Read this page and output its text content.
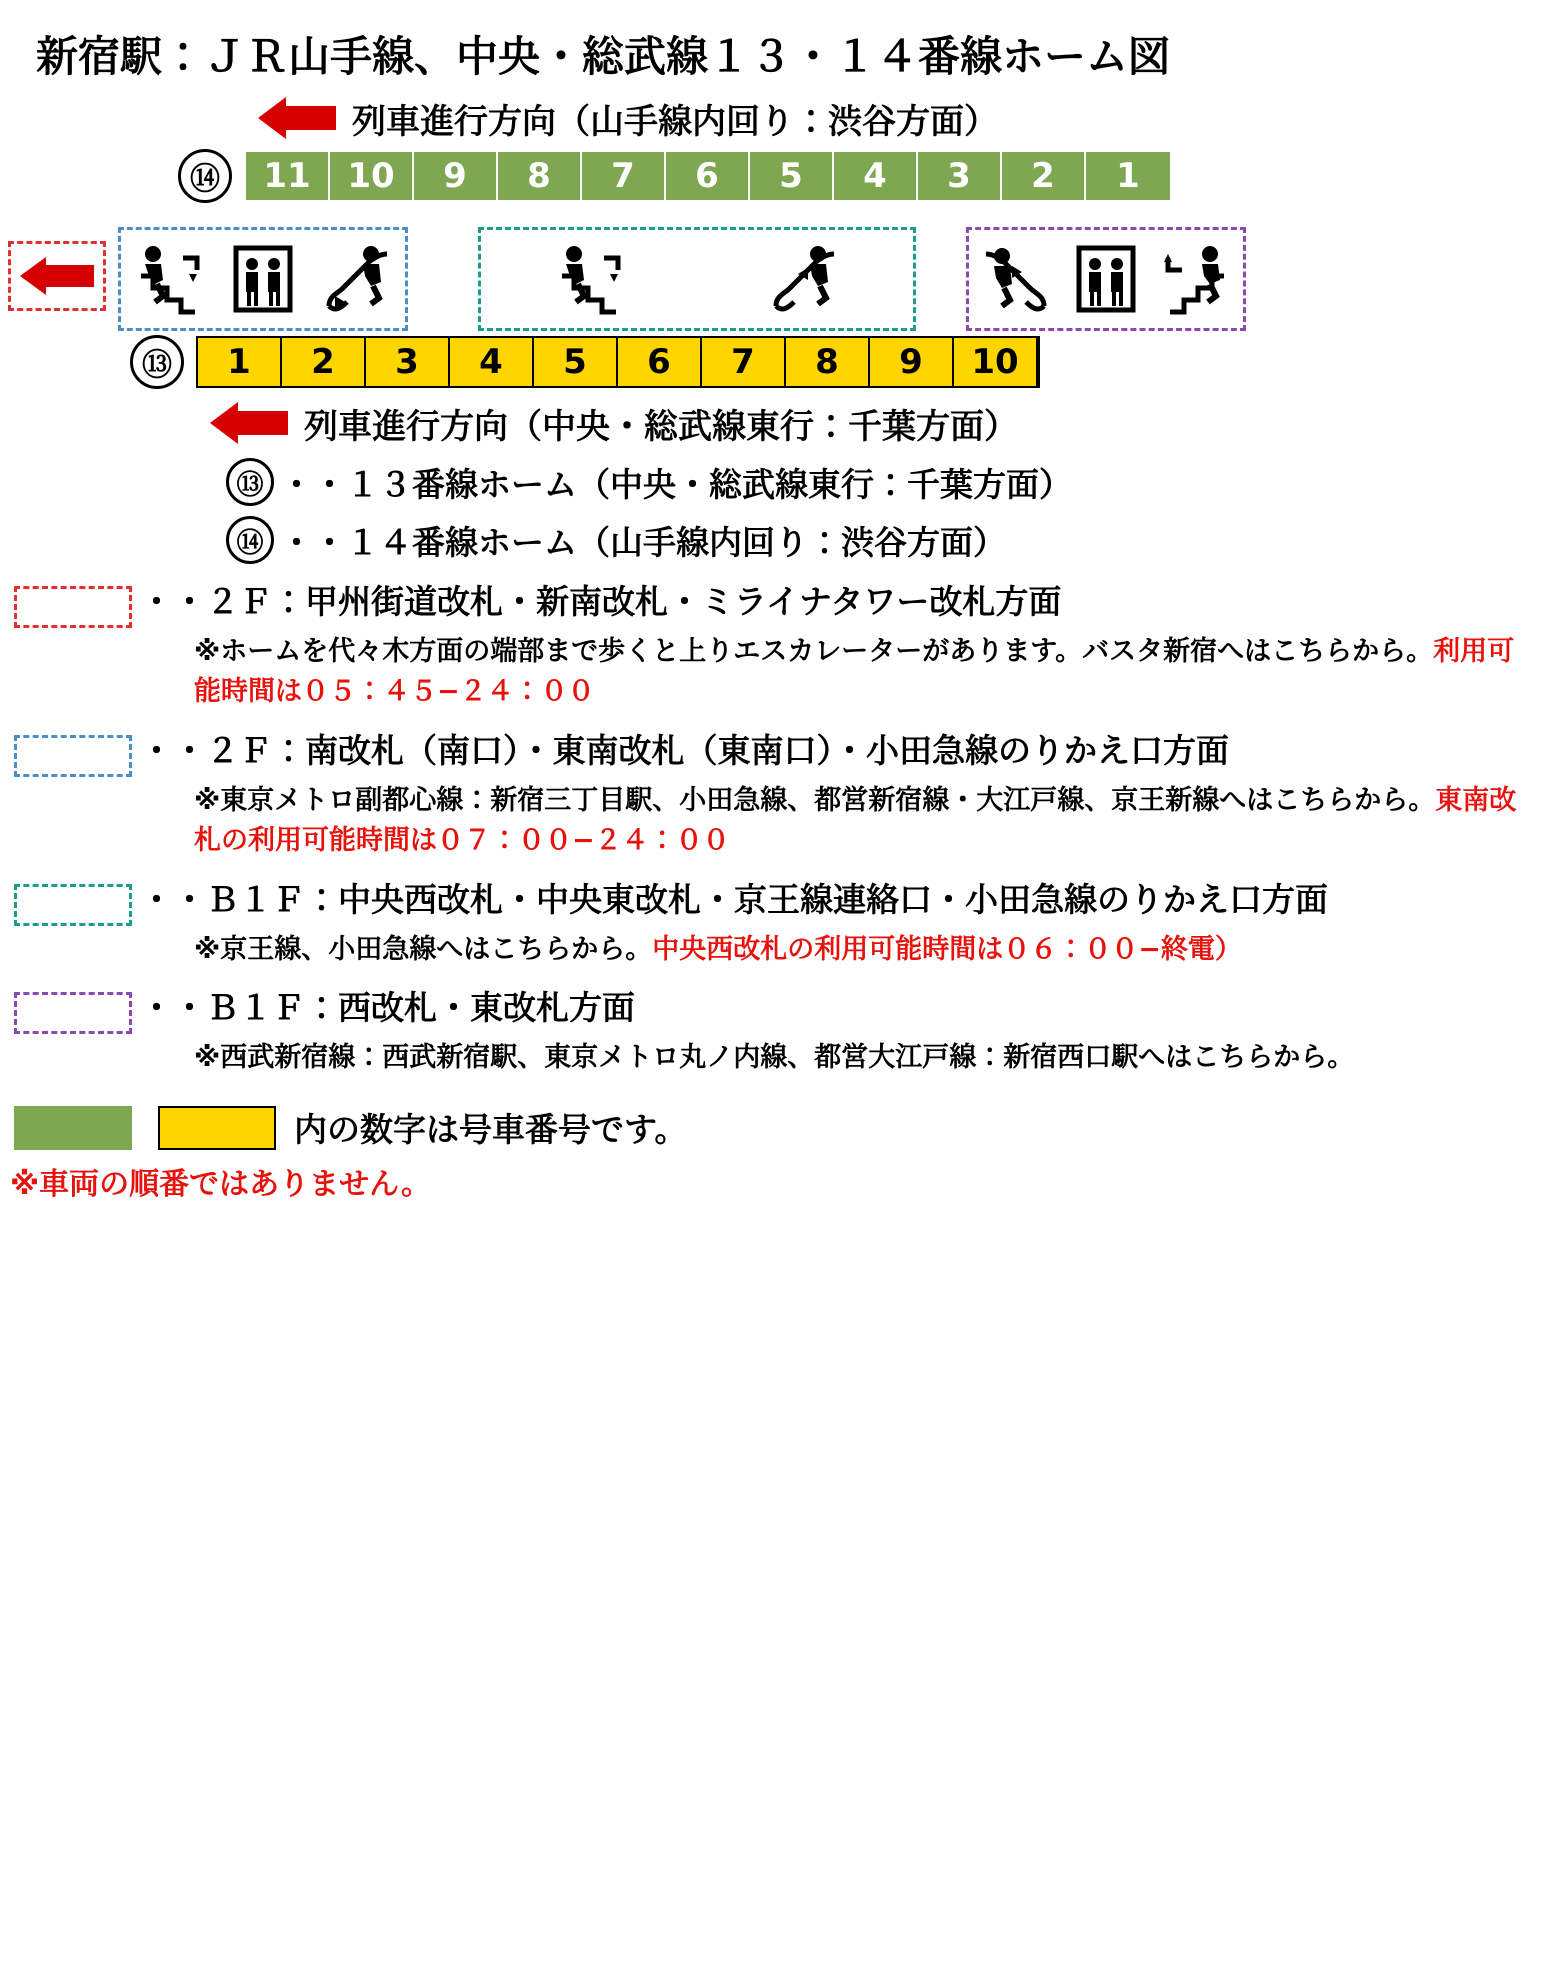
新宿駅：ＪＲ山手線、中央・総武線１３・１４番線ホーム図
列車進行方向（山手線内回り：渋谷方面）
⑭	11	10	9	8	7	6	5	4	3	2	1
⑬	1	2	3	4	5	6	7	8	9	10
列車進行方向（中央・総武線東行：千葉方面）
⑬ ・・１３番線ホーム（中央・総武線東行：千葉方面）
⑭ ・・１４番線ホーム（山手線内回り：渋谷方面）
・・２Ｆ：甲州街道改札・新南改札・ミライナタワー改札方面
※ホームを代々木方面の端部まで歩くと上りエスカレーターがあります。バスタ新宿へはこちらから。利用可能時間は０５：４５−２４：００
・・２Ｆ：南改札（南口）・東南改札（東南口）・小田急線のりかえ口方面
※東京メトロ副都心線：新宿三丁目駅、小田急線、都営新宿線・大江戸線、京王新線へはこちらから。東南改札の利用可能時間は０７：００−２４：００
・・Ｂ１Ｆ：中央西改札・中央東改札・京王線連絡口・小田急線のりかえ口方面
※京王線、小田急線へはこちらから。中央西改札の利用可能時間は０６：００−終電）
・・Ｂ１Ｆ：西改札・東改札方面
※西武新宿線：西武新宿駅、東京メトロ丸ノ内線、都営大江戸線：新宿西口駅へはこちらから。
内の数字は号車番号です。
※車両の順番ではありません。
